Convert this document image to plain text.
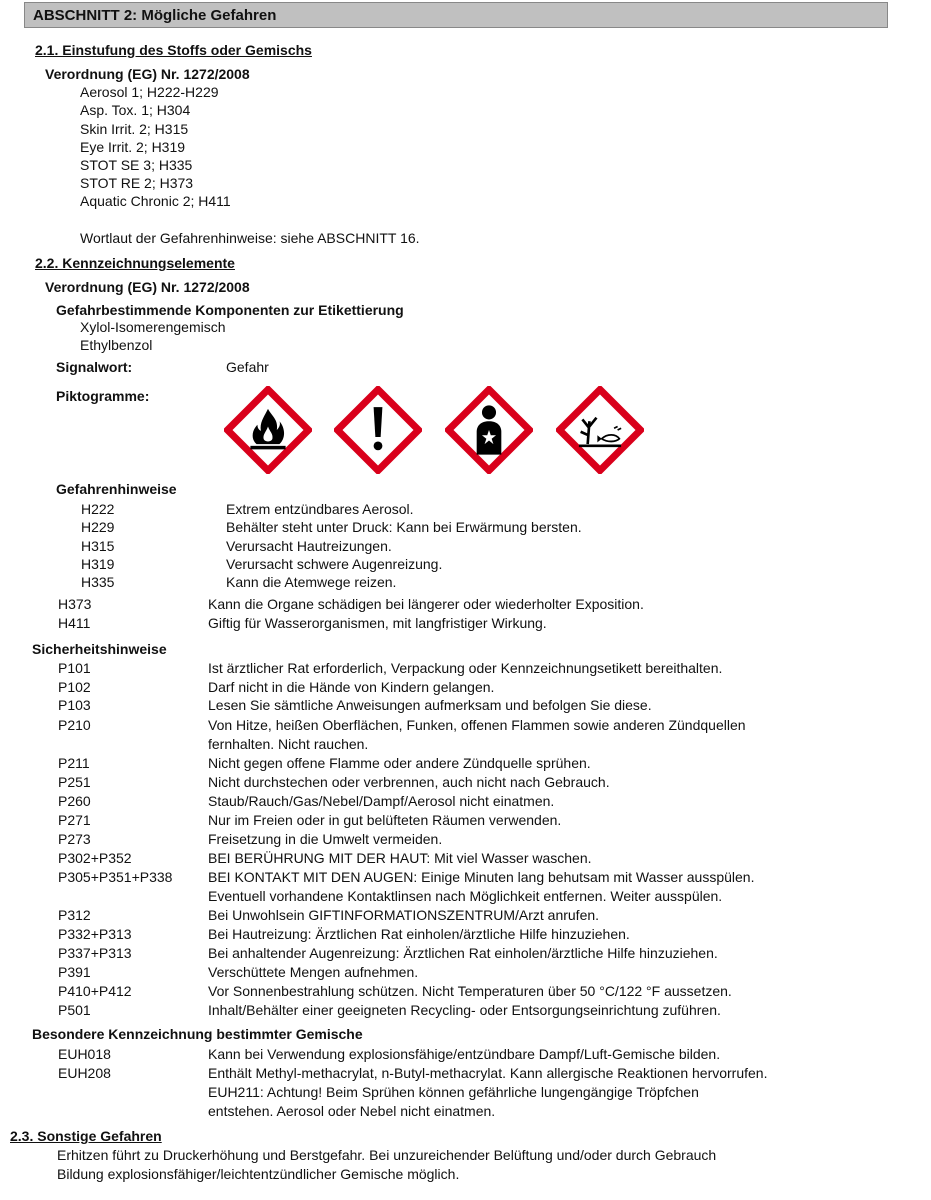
ABSCHNITT 2: Mögliche Gefahren
2.1. Einstufung des Stoffs oder Gemischs
Verordnung (EG) Nr. 1272/2008
Aerosol 1; H222-H229
Asp. Tox. 1; H304
Skin Irrit. 2; H315
Eye Irrit. 2; H319
STOT SE 3; H335
STOT RE 2; H373
Aquatic Chronic 2; H411
Wortlaut der Gefahrenhinweise: siehe ABSCHNITT 16.
2.2. Kennzeichnungselemente
Verordnung (EG) Nr. 1272/2008
Gefahrbestimmende Komponenten zur Etikettierung
Xylol-Isomerengemisch
Ethylbenzol
Signalwort:	Gefahr
Piktogramme:
Gefahrenhinweise
H222	Extrem entzündbares Aerosol.
H229	Behälter steht unter Druck: Kann bei Erwärmung bersten.
H315	Verursacht Hautreizungen.
H319	Verursacht schwere Augenreizung.
H335	Kann die Atemwege reizen.
H373	Kann die Organe schädigen bei längerer oder wiederholter Exposition.
H411	Giftig für Wasserorganismen, mit langfristiger Wirkung.
Sicherheitshinweise
P101	Ist ärztlicher Rat erforderlich, Verpackung oder Kennzeichnungsetikett bereithalten.
P102	Darf nicht in die Hände von Kindern gelangen.
P103	Lesen Sie sämtliche Anweisungen aufmerksam und befolgen Sie diese.
P210	Von Hitze, heißen Oberflächen, Funken, offenen Flammen sowie anderen Zündquellen
fernhalten. Nicht rauchen.
P211	Nicht gegen offene Flamme oder andere Zündquelle sprühen.
P251	Nicht durchstechen oder verbrennen, auch nicht nach Gebrauch.
P260	Staub/Rauch/Gas/Nebel/Dampf/Aerosol nicht einatmen.
P271	Nur im Freien oder in gut belüfteten Räumen verwenden.
P273	Freisetzung in die Umwelt vermeiden.
P302+P352	BEI BERÜHRUNG MIT DER HAUT: Mit viel Wasser waschen.
P305+P351+P338	BEI KONTAKT MIT DEN AUGEN: Einige Minuten lang behutsam mit Wasser ausspülen.
Eventuell vorhandene Kontaktlinsen nach Möglichkeit entfernen. Weiter ausspülen.
P312	Bei Unwohlsein GIFTINFORMATIONSZENTRUM/Arzt anrufen.
P332+P313	Bei Hautreizung: Ärztlichen Rat einholen/ärztliche Hilfe hinzuziehen.
P337+P313	Bei anhaltender Augenreizung: Ärztlichen Rat einholen/ärztliche Hilfe hinzuziehen.
P391	Verschüttete Mengen aufnehmen.
P410+P412	Vor Sonnenbestrahlung schützen. Nicht Temperaturen über 50 °C/122 °F aussetzen.
P501	Inhalt/Behälter einer geeigneten Recycling- oder Entsorgungseinrichtung zuführen.
Besondere Kennzeichnung bestimmter Gemische
EUH018	Kann bei Verwendung explosionsfähige/entzündbare Dampf/Luft-Gemische bilden.
EUH208	Enthält Methyl-methacrylat, n-Butyl-methacrylat. Kann allergische Reaktionen hervorrufen.
EUH211: Achtung! Beim Sprühen können gefährliche lungengängige Tröpfchen
entstehen. Aerosol oder Nebel nicht einatmen.
2.3. Sonstige Gefahren
Erhitzen führt zu Druckerhöhung und Berstgefahr. Bei unzureichender Belüftung und/oder durch Gebrauch
Bildung explosionsfähiger/leichtentzündlicher Gemische möglich.
